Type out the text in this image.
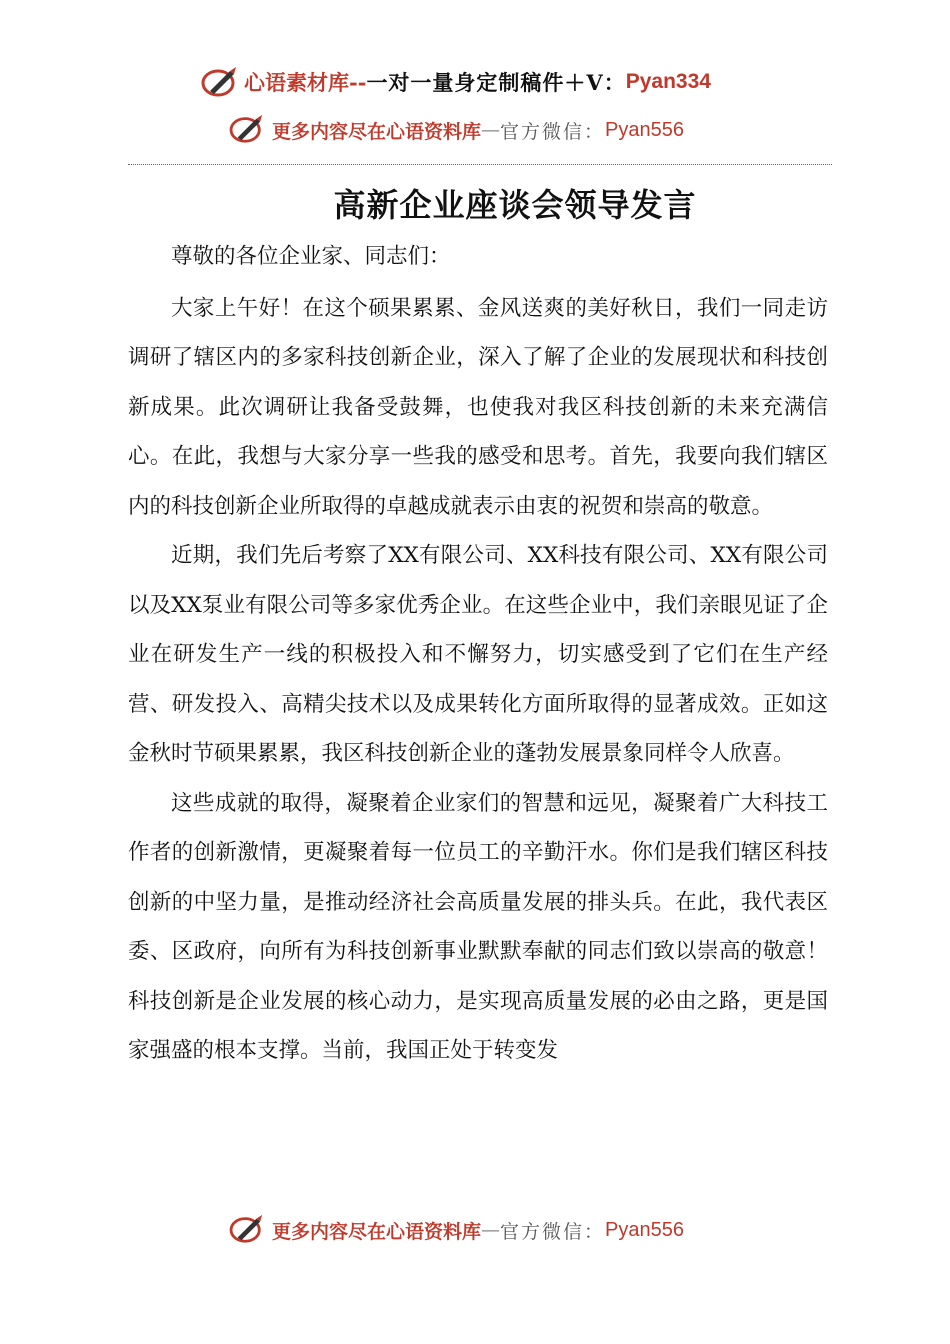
心语素材库 -- 一对一量身定制稿件＋V： Pyan334
更多内容尽在心语资料库 — 官方微信： Pyan556
高新企业座谈会领导发言

尊敬的各位企业家、同志们：

大家上午好！在这个硕果累累、金风送爽的美好秋日，我们一同走访调研了辖区内的多家科技创新企业，深入了解了企业的发展现状和科技创新成果。此次调研让我备受鼓舞，也使我对我区科技创新的未来充满信心。在此，我想与大家分享一些我的感受和思考。首先，我要向我们辖区内的科技创新企业所取得的卓越成就表示由衷的祝贺和崇高的敬意。

近期，我们先后考察了XX有限公司、XX科技有限公司、XX有限公司以及XX泵业有限公司等多家优秀企业。在这些企业中，我们亲眼见证了企业在研发生产一线的积极投入和不懈努力，切实感受到了它们在生产经营、研发投入、高精尖技术以及成果转化方面所取得的显著成效。正如这金秋时节硕果累累，我区科技创新企业的蓬勃发展景象同样令人欣喜。

这些成就的取得，凝聚着企业家们的智慧和远见，凝聚着广大科技工作者的创新激情，更凝聚着每一位员工的辛勤汗水。你们是我们辖区科技创新的中坚力量，是推动经济社会高质量发展的排头兵。在此，我代表区委、区政府，向所有为科技创新事业默默奉献的同志们致以崇高的敬意！科技创新是企业发展的核心动力，是实现高质量发展的必由之路，更是国家强盛的根本支撑。当前，我国正处于转变发

更多内容尽在心语资料库 — 官方微信： Pyan556
